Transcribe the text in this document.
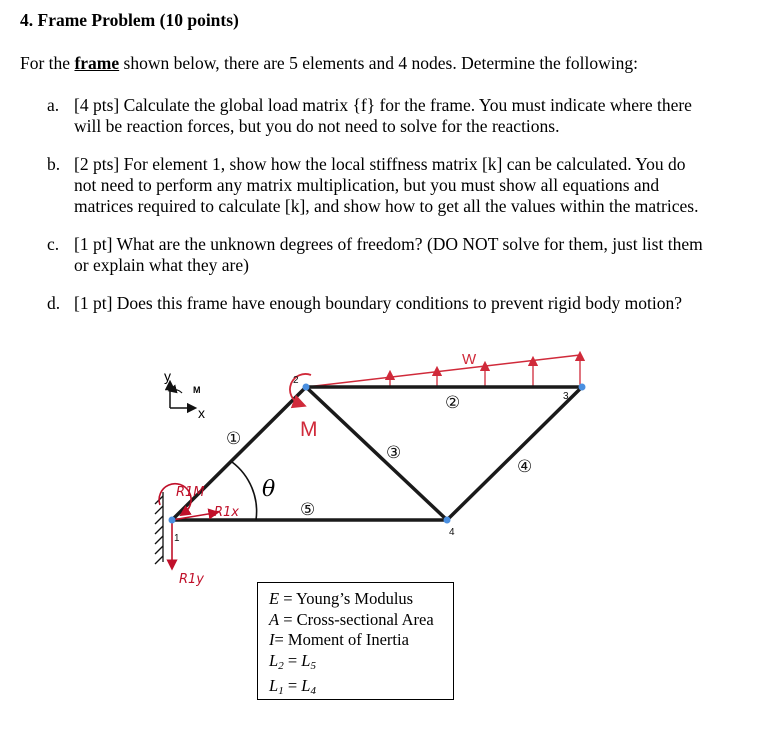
4. Frame Problem (10 points)
For the frame shown below, there are 5 elements and 4 nodes. Determine the following:
a. [4 pts] Calculate the global load matrix {f} for the frame. You must indicate where there
will be reaction forces, but you do not need to solve for the reactions.
b. [2 pts] For element 1, show how the local stiffness matrix [k] can be calculated. You do
not need to perform any matrix multiplication, but you must show all equations and
matrices required to calculate [k], and show how to get all the values within the matrices.
c. [1 pt] What are the unknown degrees of freedom? (DO NOT solve for them, just list them
or explain what they are)
d. [1 pt] Does this frame have enough boundary conditions to prevent rigid body motion?
y
x
M
W
M
θ
R1M
R1x
R1y
1
2
3
4
①
②
③
④
⑤
E = Young’s Modulus
A = Cross-sectional Area
I= Moment of Inertia
$L_2 = L_5$
$L_1 = L_4$
